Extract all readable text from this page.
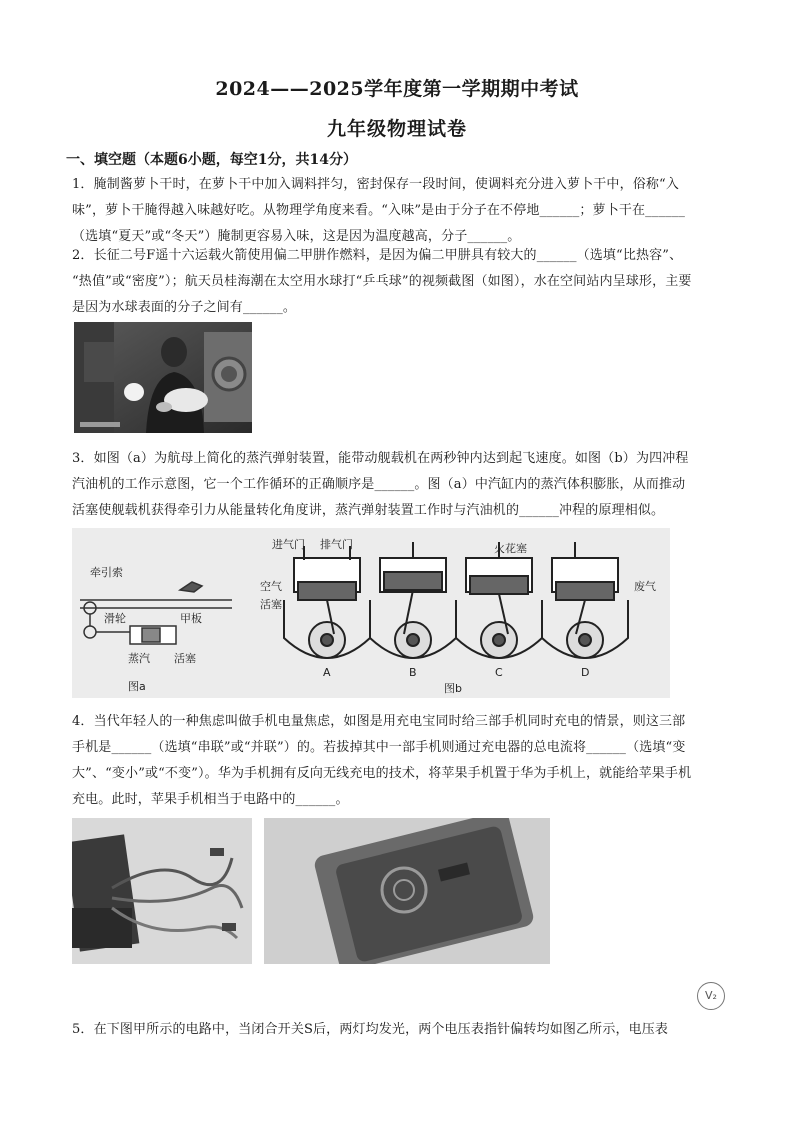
2024——2025学年度第一学期期中考试
九年级物理试卷
一、填空题（本题6小题，每空1分，共14分）
1．腌制酱萝卜干时，在萝卜干中加入调料拌匀，密封保存一段时间，使调料充分进入萝卜干中，俗称“入
味”，萝卜干腌得越入味越好吃。从物理学角度来看。“入味”是由于分子在不停地______；萝卜干在______
（选填“夏天”或“冬天”）腌制更容易入味，这是因为温度越高，分子______。
2．长征二号F遥十六运载火箭使用偏二甲肼作燃料，是因为偏二甲肼具有较大的______（选填“比热容”、
“热值”或“密度”）；航天员桂海潮在太空用水球打“乒乓球”的视频截图（如图），水在空间站内呈球形，主要
是因为水球表面的分子之间有______。
3．如图（a）为航母上简化的蒸汽弹射装置，能带动舰载机在两秒钟内达到起飞速度。如图（b）为四冲程
汽油机的工作示意图，它一个工作循环的正确顺序是______。图（a）中汽缸内的蒸汽体积膨胀，从而推动
活塞使舰载机获得牵引力从能量转化角度讲，蒸汽弹射装置工作时与汽油机的______冲程的原理相似。
牵引索
滑轮	甲板
蒸汽 活塞
图a
进气门 排气门	火花塞
空气
活塞
废气
图b
A	B	C	D
4．当代年轻人的一种焦虑叫做手机电量焦虑，如图是用充电宝同时给三部手机同时充电的情景，则这三部
手机是______（选填“串联”或“并联”）的。若拔掉其中一部手机则通过充电器的总电流将______（选填“变
大”、“变小”或“不变”）。华为手机拥有反向无线充电的技术，将苹果手机置于华为手机上，就能给苹果手机
充电。此时，苹果手机相当于电路中的______。
5．在下图甲所示的电路中，当闭合开关S后，两灯均发光，两个电压表指针偏转均如图乙所示，电压表
V₂
